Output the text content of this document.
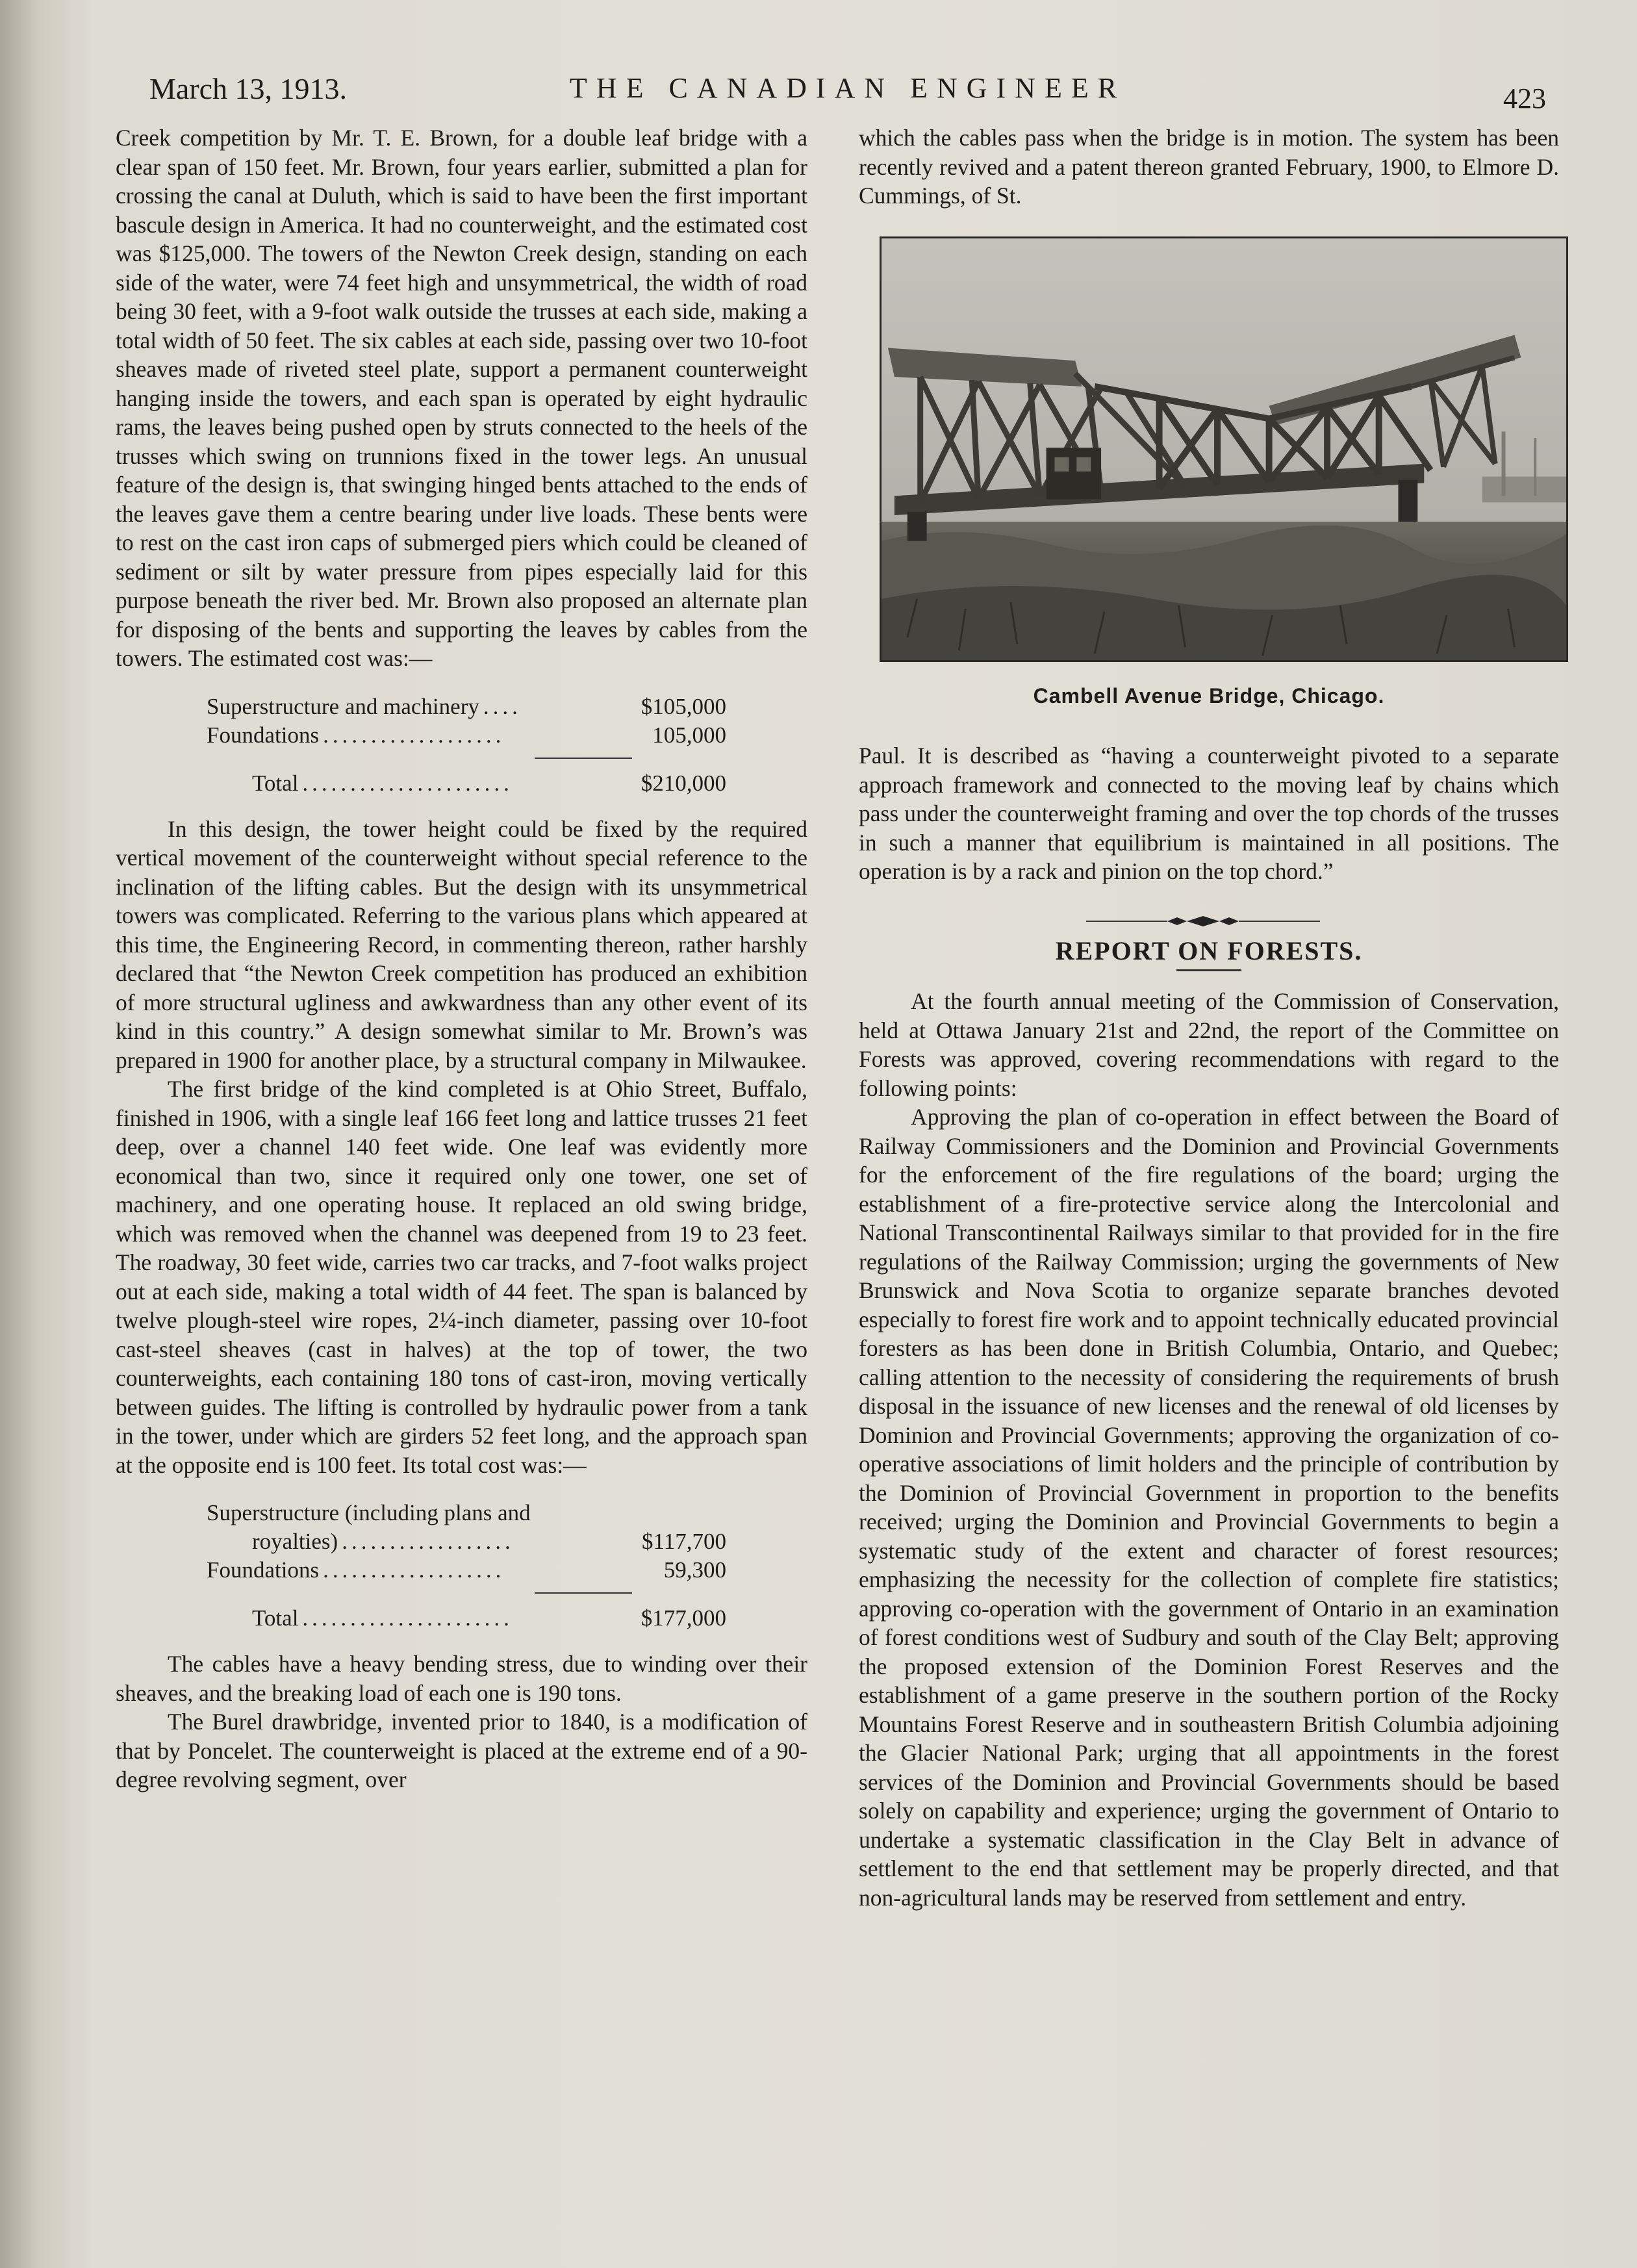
March 13, 1913.	THE CANADIAN ENGINEER	423

Creek competition by Mr. T. E. Brown, for a double leaf bridge with a clear span of 150 feet. Mr. Brown, four years earlier, submitted a plan for crossing the canal at Duluth, which is said to have been the first important bascule design in America. It had no counterweight, and the estimated cost was $125,000. The towers of the Newton Creek design, standing on each side of the water, were 74 feet high and unsymmetrical, the width of road being 30 feet, with a 9-foot walk outside the trusses at each side, making a total width of 50 feet. The six cables at each side, passing over two 10-foot sheaves made of riveted steel plate, support a permanent counterweight hanging inside the towers, and each span is operated by eight hydraulic rams, the leaves being pushed open by struts connected to the heels of the trusses which swing on trunnions fixed in the tower legs. An unusual feature of the design is, that swinging hinged bents attached to the ends of the leaves gave them a centre bearing under live loads. These bents were to rest on the cast iron caps of submerged piers which could be cleaned of sediment or silt by water pressure from pipes especially laid for this purpose beneath the river bed. Mr. Brown also proposed an alternate plan for disposing of the bents and supporting the leaves by cables from the towers. The estimated cost was:—

Superstructure and machinery ....	$105,000
Foundations ...................	105,000
Total ......................	$210,000

In this design, the tower height could be fixed by the required vertical movement of the counterweight without special reference to the inclination of the lifting cables. But the design with its unsymmetrical towers was complicated. Referring to the various plans which appeared at this time, the Engineering Record, in commenting thereon, rather harshly declared that “the Newton Creek competition has produced an exhibition of more structural ugliness and awkwardness than any other event of its kind in this country.” A design somewhat similar to Mr. Brown’s was prepared in 1900 for another place, by a structural company in Milwaukee.

The first bridge of the kind completed is at Ohio Street, Buffalo, finished in 1906, with a single leaf 166 feet long and lattice trusses 21 feet deep, over a channel 140 feet wide. One leaf was evidently more economical than two, since it required only one tower, one set of machinery, and one operating house. It replaced an old swing bridge, which was removed when the channel was deepened from 19 to 23 feet. The roadway, 30 feet wide, carries two car tracks, and 7-foot walks project out at each side, making a total width of 44 feet. The span is balanced by twelve plough-steel wire ropes, 2¼-inch diameter, passing over 10-foot cast-steel sheaves (cast in halves) at the top of tower, the two counterweights, each containing 180 tons of cast-iron, moving vertically between guides. The lifting is controlled by hydraulic power from a tank in the tower, under which are girders 52 feet long, and the approach span at the opposite end is 100 feet. Its total cost was:—

Superstructure (including plans and
royalties) ..................	$117,700
Foundations ...................	59,300
Total ......................	$177,000

The cables have a heavy bending stress, due to winding over their sheaves, and the breaking load of each one is 190 tons.

The Burel drawbridge, invented prior to 1840, is a modification of that by Poncelet. The counterweight is placed at the extreme end of a 90-degree revolving segment, over

which the cables pass when the bridge is in motion. The system has been recently revived and a patent thereon granted February, 1900, to Elmore D. Cummings, of St.

Cambell Avenue Bridge, Chicago.

Paul. It is described as “having a counterweight pivoted to a separate approach framework and connected to the moving leaf by chains which pass under the counterweight framing and over the top chords of the trusses in such a manner that equilibrium is maintained in all positions. The operation is by a rack and pinion on the top chord.”

REPORT ON FORESTS.

At the fourth annual meeting of the Commission of Conservation, held at Ottawa January 21st and 22nd, the report of the Committee on Forests was approved, covering recommendations with regard to the following points:

Approving the plan of co-operation in effect between the Board of Railway Commissioners and the Dominion and Provincial Governments for the enforcement of the fire regulations of the board; urging the establishment of a fire-protective service along the Intercolonial and National Transcontinental Railways similar to that provided for in the fire regulations of the Railway Commission; urging the governments of New Brunswick and Nova Scotia to organize separate branches devoted especially to forest fire work and to appoint technically educated provincial foresters as has been done in British Columbia, Ontario, and Quebec; calling attention to the necessity of considering the requirements of brush disposal in the issuance of new licenses and the renewal of old licenses by Dominion and Provincial Governments; approving the organization of co-operative associations of limit holders and the principle of contribution by the Dominion of Provincial Government in proportion to the benefits received; urging the Dominion and Provincial Governments to begin a systematic study of the extent and character of forest resources; emphasizing the necessity for the collection of complete fire statistics; approving co-operation with the government of Ontario in an examination of forest conditions west of Sudbury and south of the Clay Belt; approving the proposed extension of the Dominion Forest Reserves and the establishment of a game preserve in the southern portion of the Rocky Mountains Forest Reserve and in southeastern British Columbia adjoining the Glacier National Park; urging that all appointments in the forest services of the Dominion and Provincial Governments should be based solely on capability and experience; urging the government of Ontario to undertake a systematic classification in the Clay Belt in advance of settlement to the end that settlement may be properly directed, and that non-agricultural lands may be reserved from settlement and entry.
